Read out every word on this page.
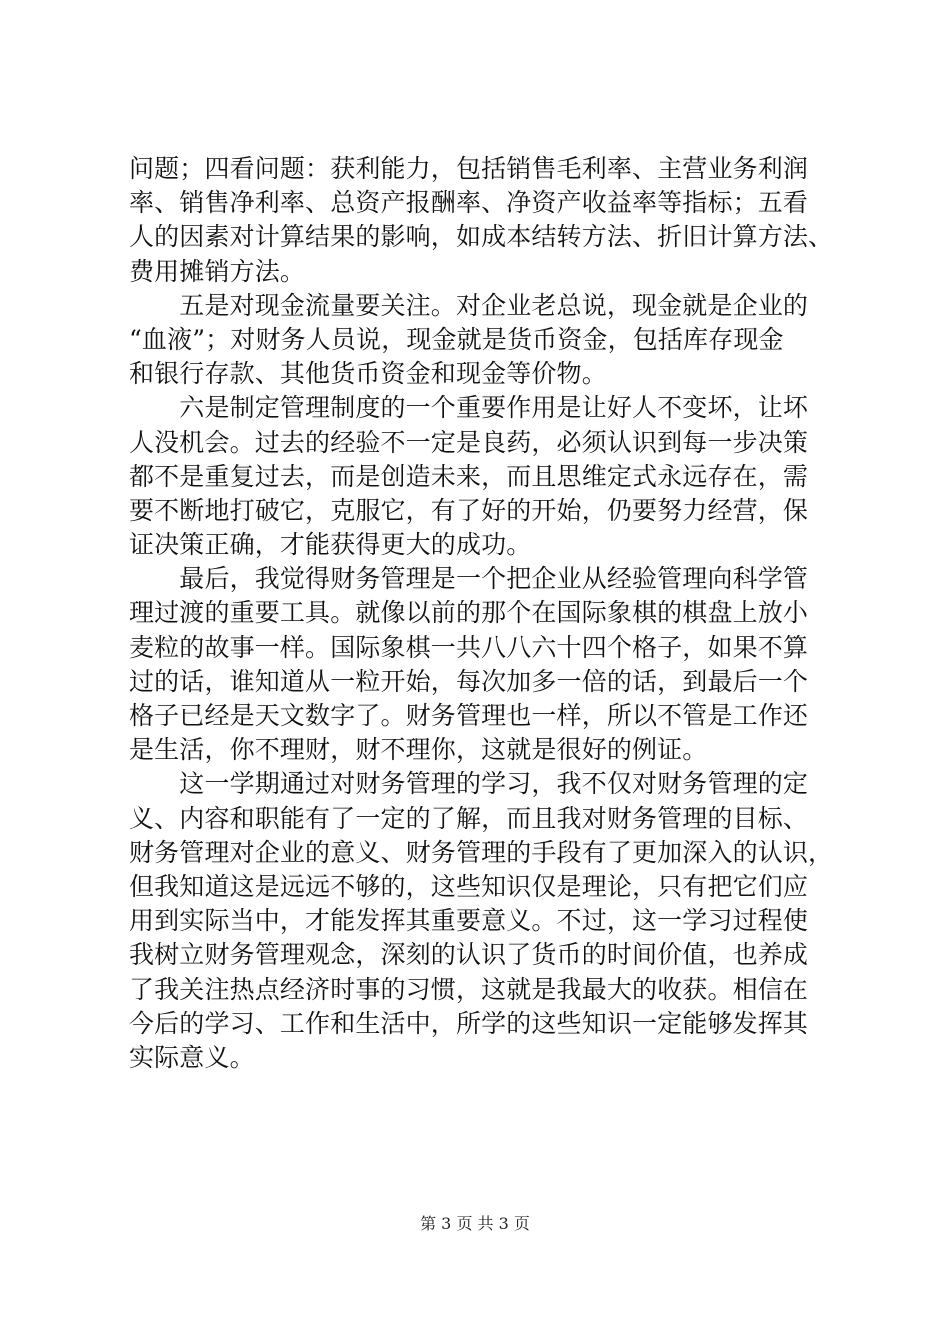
问题；四看问题：获利能力，包括销售毛利率、主营业务利润
率、销售净利率、总资产报酬率、净资产收益率等指标；五看
人的因素对计算结果的影响，如成本结转方法、折旧计算方法、
费用摊销方法。
　　五是对现金流量要关注。对企业老总说，现金就是企业的
“血液”；对财务人员说，现金就是货币资金，包括库存现金
和银行存款、其他货币资金和现金等价物。
　　六是制定管理制度的一个重要作用是让好人不变坏，让坏
人没机会。过去的经验不一定是良药，必须认识到每一步决策
都不是重复过去，而是创造未来，而且思维定式永远存在，需
要不断地打破它，克服它，有了好的开始，仍要努力经营，保
证决策正确，才能获得更大的成功。
　　最后，我觉得财务管理是一个把企业从经验管理向科学管
理过渡的重要工具。就像以前的那个在国际象棋的棋盘上放小
麦粒的故事一样。国际象棋一共八八六十四个格子，如果不算
过的话，谁知道从一粒开始，每次加多一倍的话，到最后一个
格子已经是天文数字了。财务管理也一样，所以不管是工作还
是生活，你不理财，财不理你，这就是很好的例证。
　　这一学期通过对财务管理的学习，我不仅对财务管理的定
义、内容和职能有了一定的了解，而且我对财务管理的目标、
财务管理对企业的意义、财务管理的手段有了更加深入的认识，
但我知道这是远远不够的，这些知识仅是理论，只有把它们应
用到实际当中，才能发挥其重要意义。不过，这一学习过程使
我树立财务管理观念，深刻的认识了货币的时间价值，也养成
了我关注热点经济时事的习惯，这就是我最大的收获。相信在
今后的学习、工作和生活中，所学的这些知识一定能够发挥其
实际意义。
第 3 页 共 3 页
